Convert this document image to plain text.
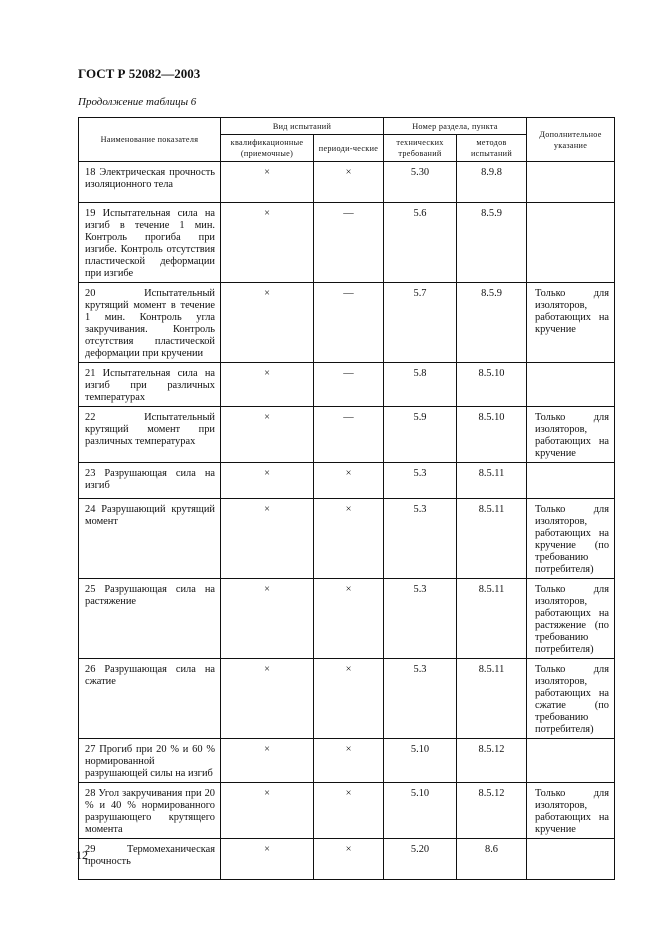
ГОСТ Р 52082—2003
Продолжение таблицы 6
Наименование показателя	Вид испытаний		Номер раздела, пункта		Дополнительное указание
	квалификационные (приемочные)	периоди-ческие	технических требований	методов испытаний	
18 Электрическая прочность изоляционного тела	×	×	5.30	8.9.8	
19 Испытательная сила на изгиб в течение 1 мин. Контроль прогиба при изгибе. Контроль отсутствия пластической деформации при изгибе	×	—	5.6	8.5.9	
20 Испытательный крутящий момент в течение 1 мин. Контроль угла закручивания. Контроль отсутствия пластической деформации при кручении	×	—	5.7	8.5.9	Только для изоляторов, работающих на кручение
21 Испытательная сила на изгиб при различных температурах	×	—	5.8	8.5.10	
22 Испытательный крутящий момент при различных температурах	×	—	5.9	8.5.10	Только для изоляторов, работающих на кручение
23 Разрушающая сила на изгиб	×	×	5.3	8.5.11	
24 Разрушающий крутящий момент	×	×	5.3	8.5.11	Только для изоляторов, работающих на кручение (по требованию потребителя)
25 Разрушающая сила на растяжение	×	×	5.3	8.5.11	Только для изоляторов, работающих на растяжение (по требованию потребителя)
26 Разрушающая сила на сжатие	×	×	5.3	8.5.11	Только для изоляторов, работающих на сжатие (по требованию потребителя)
27 Прогиб при 20 % и 60 % нормированной разрушающей силы на изгиб	×	×	5.10	8.5.12	
28 Угол закручивания при 20 % и 40 % нормированного разрушающего крутящего момента	×	×	5.10	8.5.12	Только для изоляторов, работающих на кручение
29 Термомеханическая прочность	×	×	5.20	8.6	
12
